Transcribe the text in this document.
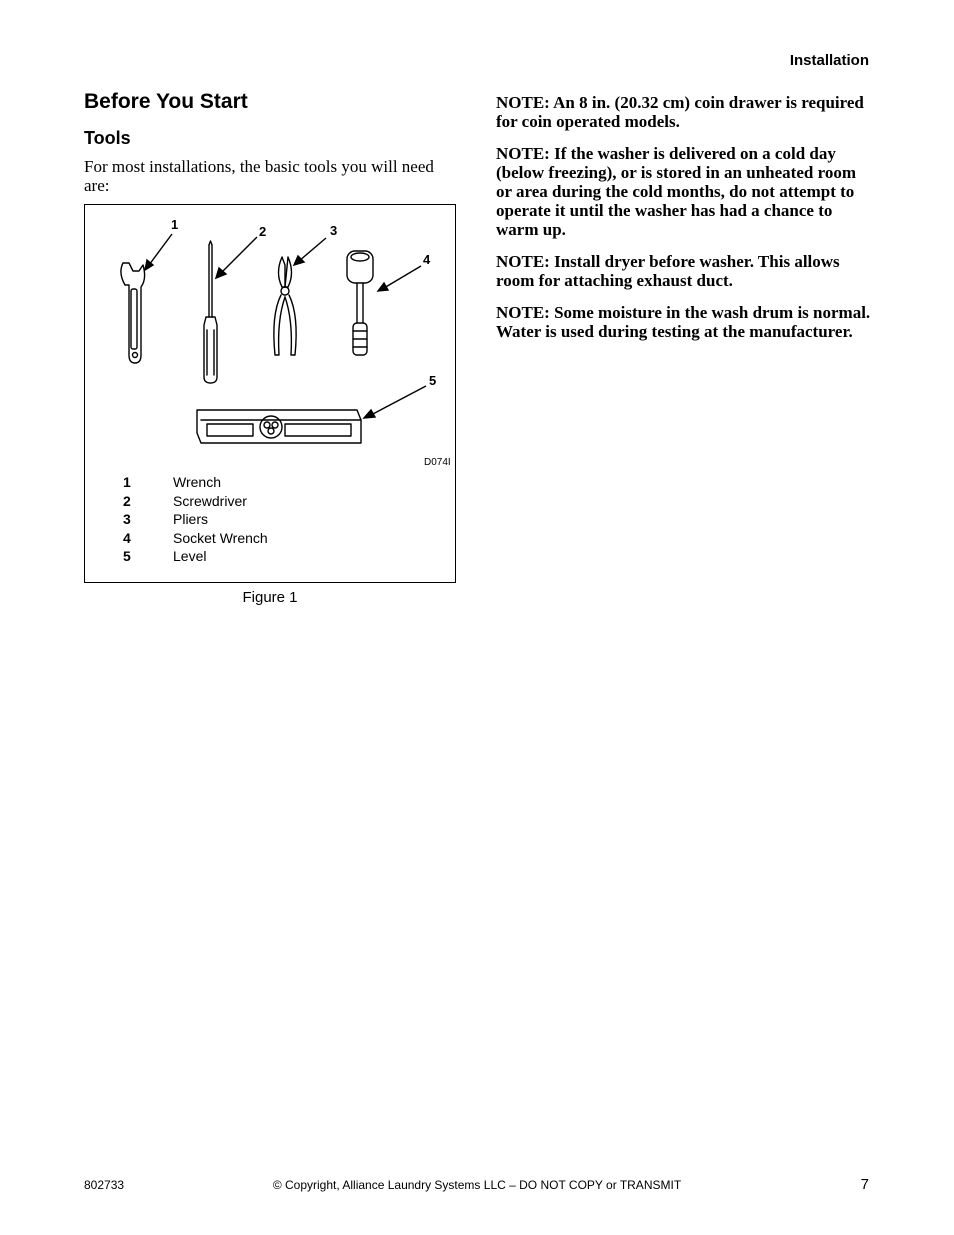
Installation
Before You Start
Tools

For most installations, the basic tools you will need are:

1	2	3
4
5
D074I
1	Wrench
2	Screwdriver
3	Pliers
4	Socket Wrench
5	Level
Figure 1

NOTE: An 8 in. (20.32 cm) coin drawer is required for coin operated models.

NOTE: If the washer is delivered on a cold day (below freezing), or is stored in an unheated room or area during the cold months, do not attempt to operate it until the washer has had a chance to warm up.

NOTE: Install dryer before washer. This allows room for attaching exhaust duct.

NOTE: Some moisture in the wash drum is normal. Water is used during testing at the manufacturer.

802733	© Copyright, Alliance Laundry Systems LLC – DO NOT COPY or TRANSMIT	7
